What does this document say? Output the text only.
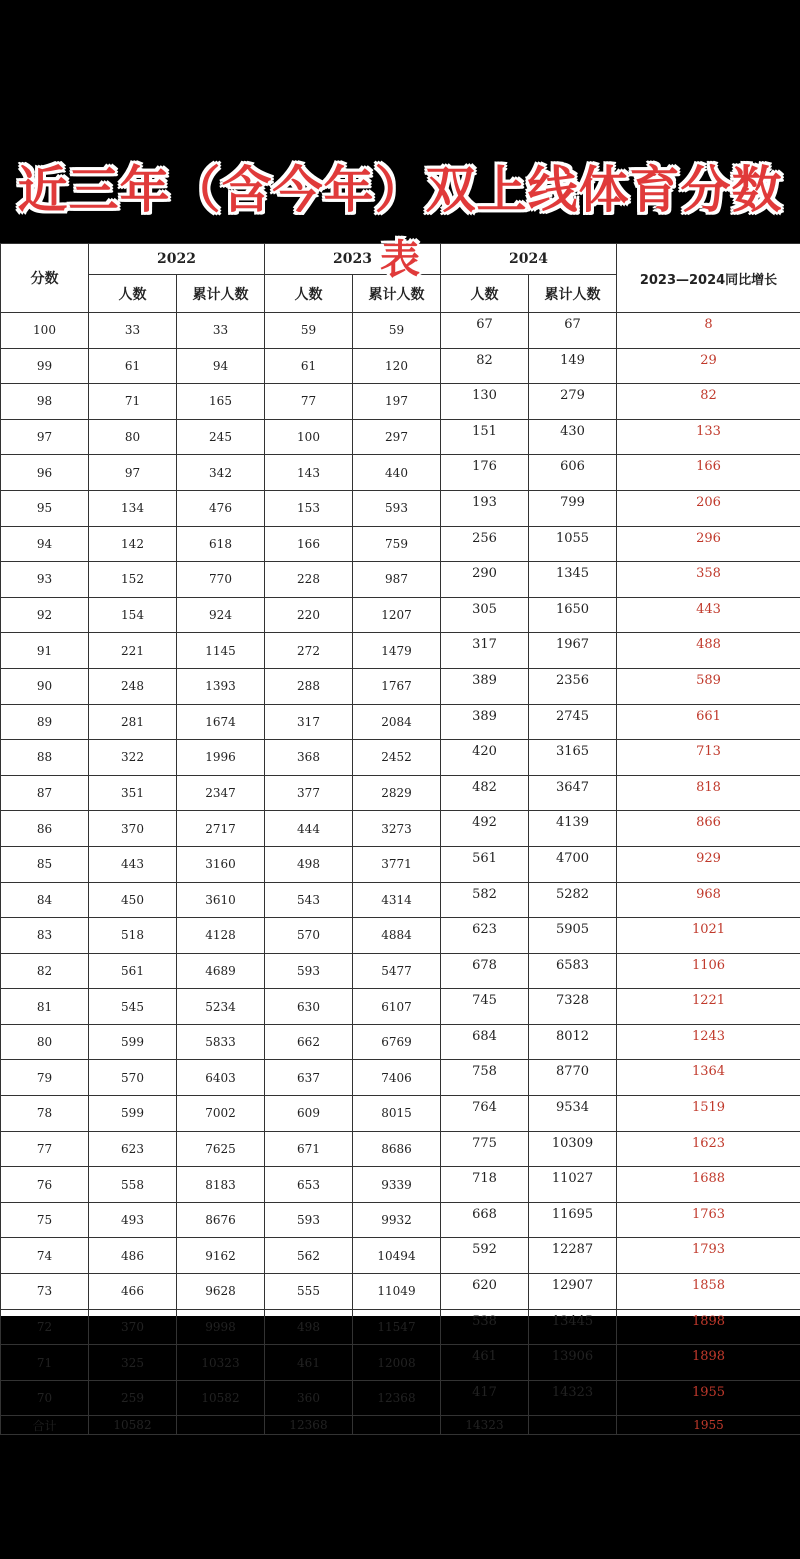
近三年（含今年）双上线体育分数
表
分数	2022		2023		2024		2023—2024同比增长
	人数	累计人数	人数	累计人数	人数	累计人数	
100	33	33	59	59	67	67	8
99	61	94	61	120	82	149	29
98	71	165	77	197	130	279	82
97	80	245	100	297	151	430	133
96	97	342	143	440	176	606	166
95	134	476	153	593	193	799	206
94	142	618	166	759	256	1055	296
93	152	770	228	987	290	1345	358
92	154	924	220	1207	305	1650	443
91	221	1145	272	1479	317	1967	488
90	248	1393	288	1767	389	2356	589
89	281	1674	317	2084	389	2745	661
88	322	1996	368	2452	420	3165	713
87	351	2347	377	2829	482	3647	818
86	370	2717	444	3273	492	4139	866
85	443	3160	498	3771	561	4700	929
84	450	3610	543	4314	582	5282	968
83	518	4128	570	4884	623	5905	1021
82	561	4689	593	5477	678	6583	1106
81	545	5234	630	6107	745	7328	1221
80	599	5833	662	6769	684	8012	1243
79	570	6403	637	7406	758	8770	1364
78	599	7002	609	8015	764	9534	1519
77	623	7625	671	8686	775	10309	1623
76	558	8183	653	9339	718	11027	1688
75	493	8676	593	9932	668	11695	1763
74	486	9162	562	10494	592	12287	1793
73	466	9628	555	11049	620	12907	1858
72	370	9998	498	11547	538	13445	1898
71	325	10323	461	12008	461	13906	1898
70	259	10582	360	12368	417	14323	1955
合计	10582		12368		14323		1955
